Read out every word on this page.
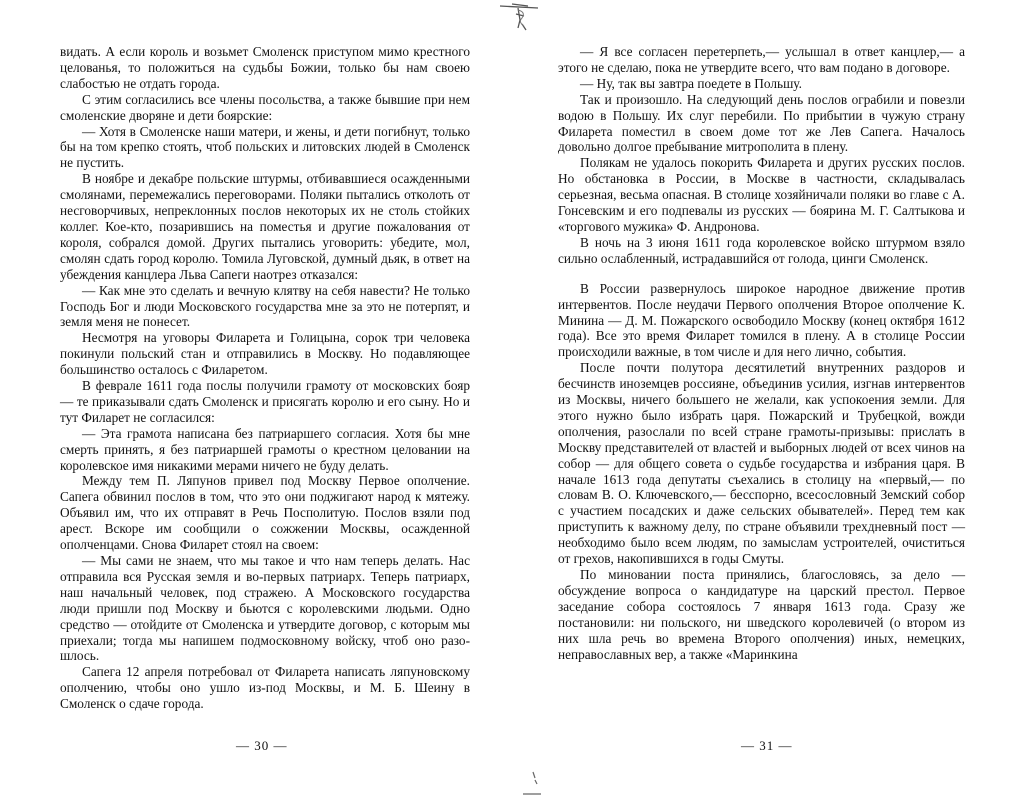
видать. А если король и возьмет Смоленск приступом мимо крестного целованья, то положиться на судьбы Божии, только бы нам своею слабостью не отдать города.

С этим согласились все члены посольства, а также бывшие при нем смоленские дворяне и дети боярские:

— Хотя в Смоленске наши матери, и жены, и дети погибнут, только бы на том крепко стоять, чтоб польских и литовских людей в Смоленск не пустить.

В ноябре и декабре польские штурмы, отбивавшиеся осажденными смолянами, перемежались переговорами. Поляки пытались отколоть от несговорчивых, непреклонных послов некоторых их не столь стойких коллег. Кое-кто, позарившись на поместья и другие пожалования от короля, собрался домой. Других пытались уговорить: убедите, мол, смолян сдать город королю. Томила Луговской, думный дьяк, в ответ на убеждения канцлера Льва Сапеги наотрез отказался:

— Как мне это сделать и вечную клятву на себя навести? Не только Господь Бог и люди Московского государства мне за это не потерпят, и земля меня не понесет.

Несмотря на уговоры Филарета и Голицына, сорок три человека покинули польский стан и отправились в Москву. Но подавляющее большинство осталось с Филаретом.

В феврале 1611 года послы получили грамоту от московских бояр — те приказывали сдать Смоленск и присягать королю и его сыну. Но и тут Филарет не согласился:

— Эта грамота написана без патриаршего согласия. Хотя бы мне смерть принять, я без патриаршей грамоты о крестном целовании на королевское имя никакими мерами ничего не буду делать.

Между тем П. Ляпунов привел под Москву Первое ополчение. Сапега обвинил послов в том, что это они поджигают народ к мятежу. Объявил им, что их отправят в Речь Посполитую. Послов взяли под арест. Вскоре им сообщили о сожжении Москвы, осажденной ополченцами. Снова Филарет стоял на своем:

— Мы сами не знаем, что мы такое и что нам теперь делать. Нас отправила вся Русская земля и во-первых патриарх. Теперь патриарх, наш начальный человек, под стражею. А Московского государства люди пришли под Москву и бьются с королевскими людьми. Одно средство — отойдите от Смоленска и утвердите договор, с которым мы приехали; тогда мы напишем подмосковному войску, чтоб оно разошлось.

Сапега 12 апреля потребовал от Филарета написать ляпуновскому ополчению, чтобы оно ушло из-под Москвы, и М. Б. Шеину в Смоленск о сдаче города.

— 30 —

— Я все согласен перетерпеть,— услышал в ответ канцлер,— а этого не сделаю, пока не утвердите всего, что вам подано в договоре.

— Ну, так вы завтра поедете в Польшу.

Так и произошло. На следующий день послов ограбили и повезли водою в Польшу. Их слуг перебили. По прибытии в чужую страну Филарета поместил в своем доме тот же Лев Сапега. Началось довольно долгое пребывание митрополита в плену.

Полякам не удалось покорить Филарета и других русских послов. Но обстановка в России, в Москве в частности, складывалась серьезная, весьма опасная. В столице хозяйничали поляки во главе с А. Гонсевским и его подпевалы из русских — боярина М. Г. Салтыкова и «торгового мужика» Ф. Андронова.

В ночь на 3 июня 1611 года королевское войско штурмом взяло сильно ослабленный, истрадавшийся от голода, цинги Смоленск.

В России развернулось широкое народное движение против интервентов. После неудачи Первого ополчения Второе ополчение К. Минина — Д. М. Пожарского освободило Москву (конец октября 1612 года). Все это время Филарет томился в плену. А в столице России происходили важные, в том числе и для него лично, события.

После почти полутора десятилетий внутренних раздоров и бесчинств иноземцев россияне, объединив усилия, изгнав интервентов из Москвы, ничего большего не желали, как успокоения земли. Для этого нужно было избрать царя. Пожарский и Трубецкой, вожди ополчения, разослали по всей стране грамоты-призывы: прислать в Москву представителей от властей и выборных людей от всех чинов на собор — для общего совета о судьбе государства и избрания царя. В начале 1613 года депутаты съехались в столицу на «первый,— по словам В. О. Ключевского,— бесспорно, всесословный Земский собор с участием посадских и даже сельских обывателей». Перед тем как приступить к важному делу, по стране объявили трехдневный пост — необходимо было всем людям, по замыслам устроителей, очиститься от грехов, накопившихся в годы Смуты.

По миновании поста принялись, благословясь, за дело — обсуждение вопроса о кандидатуре на царский престол. Первое заседание собора состоялось 7 января 1613 года. Сразу же постановили: ни польского, ни шведского королевичей (о втором из них шла речь во времена Второго ополчения) иных, немецких, неправославных вер, а также «Маринкина

— 31 —
